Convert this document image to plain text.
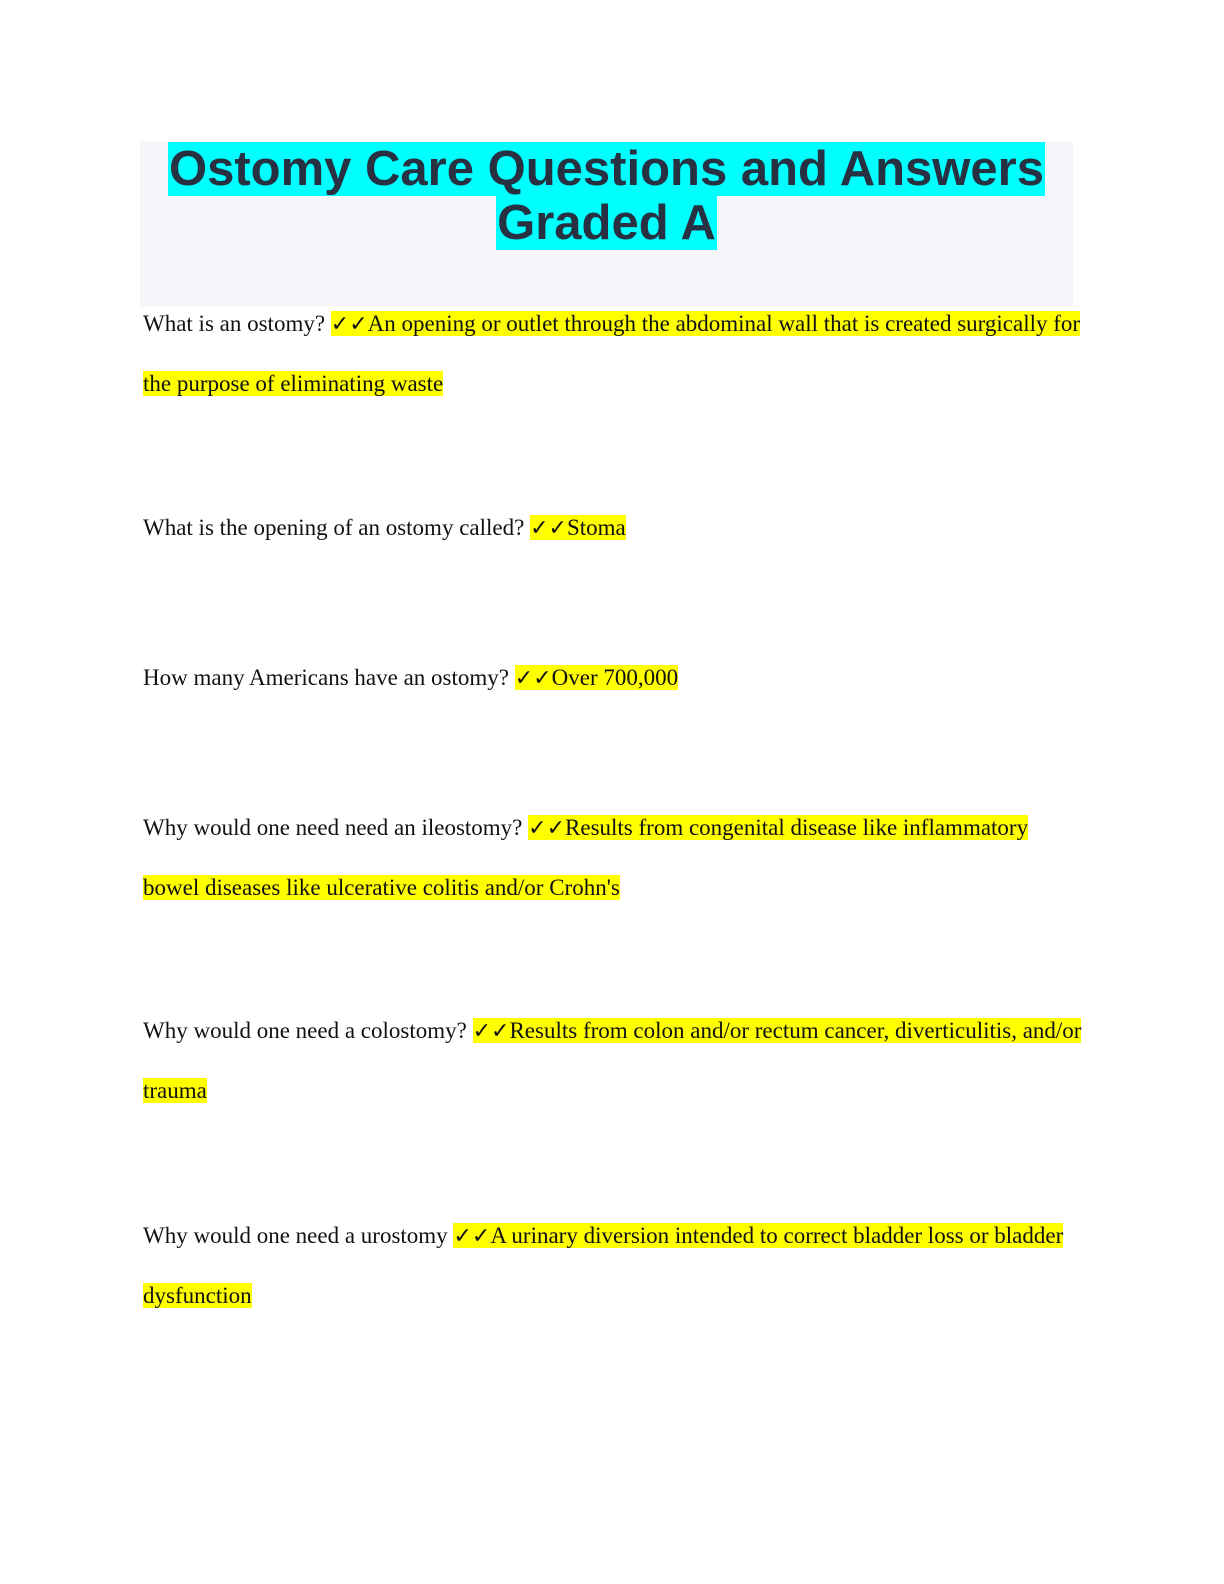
Ostomy Care Questions and Answers
Graded A

What is an ostomy? ✓✓An opening or outlet through the abdominal wall that is created surgically for the purpose of eliminating waste

What is the opening of an ostomy called? ✓✓Stoma

How many Americans have an ostomy? ✓✓Over 700,000

Why would one need need an ileostomy? ✓✓Results from congenital disease like inflammatory bowel diseases like ulcerative colitis and/or Crohn's

Why would one need a colostomy? ✓✓Results from colon and/or rectum cancer, diverticulitis, and/or trauma

Why would one need a urostomy ✓✓A urinary diversion intended to correct bladder loss or bladder dysfunction
